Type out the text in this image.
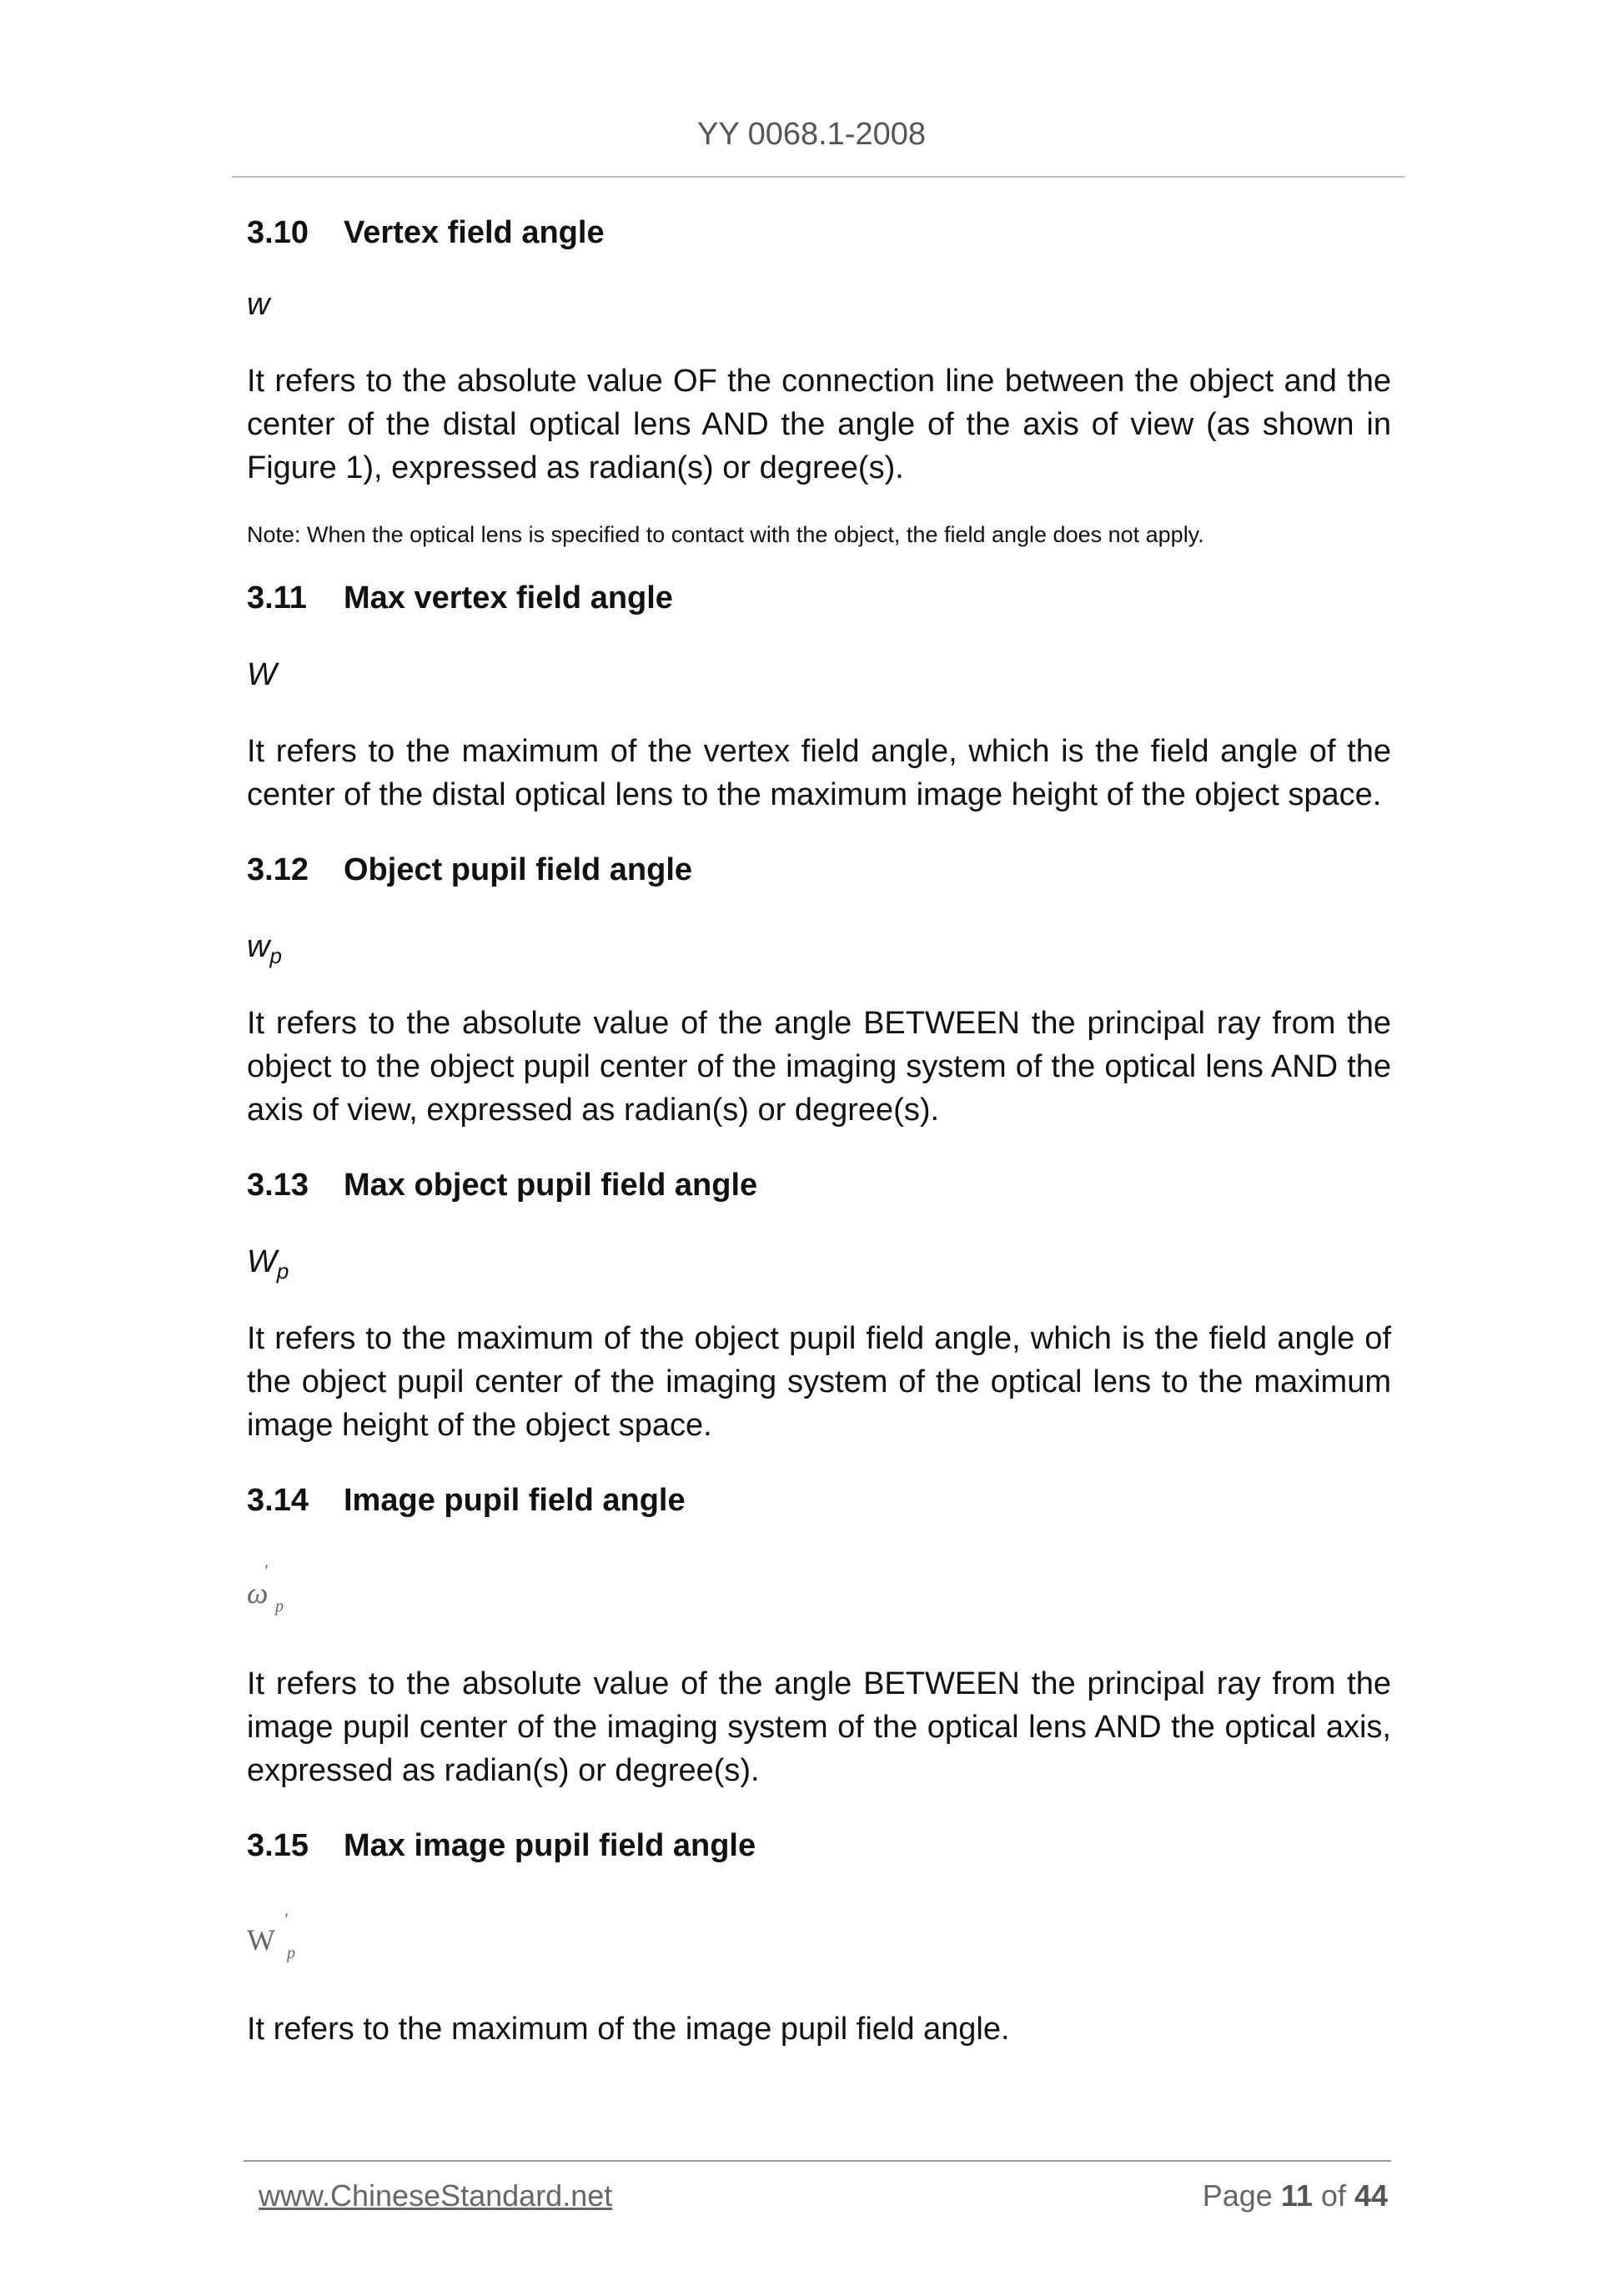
YY 0068.1-2008
3.10 Vertex field angle
w
It refers to the absolute value OF the connection line between the object and the center of the distal optical lens AND the angle of the axis of view (as shown in Figure 1), expressed as radian(s) or degree(s).
Note: When the optical lens is specified to contact with the object, the field angle does not apply.
3.11 Max vertex field angle
W
It refers to the maximum of the vertex field angle, which is the field angle of the center of the distal optical lens to the maximum image height of the object space.
3.12 Object pupil field angle
$w_p$
It refers to the absolute value of the angle BETWEEN the principal ray from the object to the object pupil center of the imaging system of the optical lens AND the axis of view, expressed as radian(s) or degree(s).
3.13 Max object pupil field angle
$W_p$
It refers to the maximum of the object pupil field angle, which is the field angle of the object pupil center of the imaging system of the optical lens to the maximum image height of the object space.
3.14 Image pupil field angle
ω
′
p
It refers to the absolute value of the angle BETWEEN the principal ray from the image pupil center of the imaging system of the optical lens AND the optical axis, expressed as radian(s) or degree(s).
3.15 Max image pupil field angle
W
′
p
It refers to the maximum of the image pupil field angle.
www.ChineseStandard.net	Page 11 of 44
